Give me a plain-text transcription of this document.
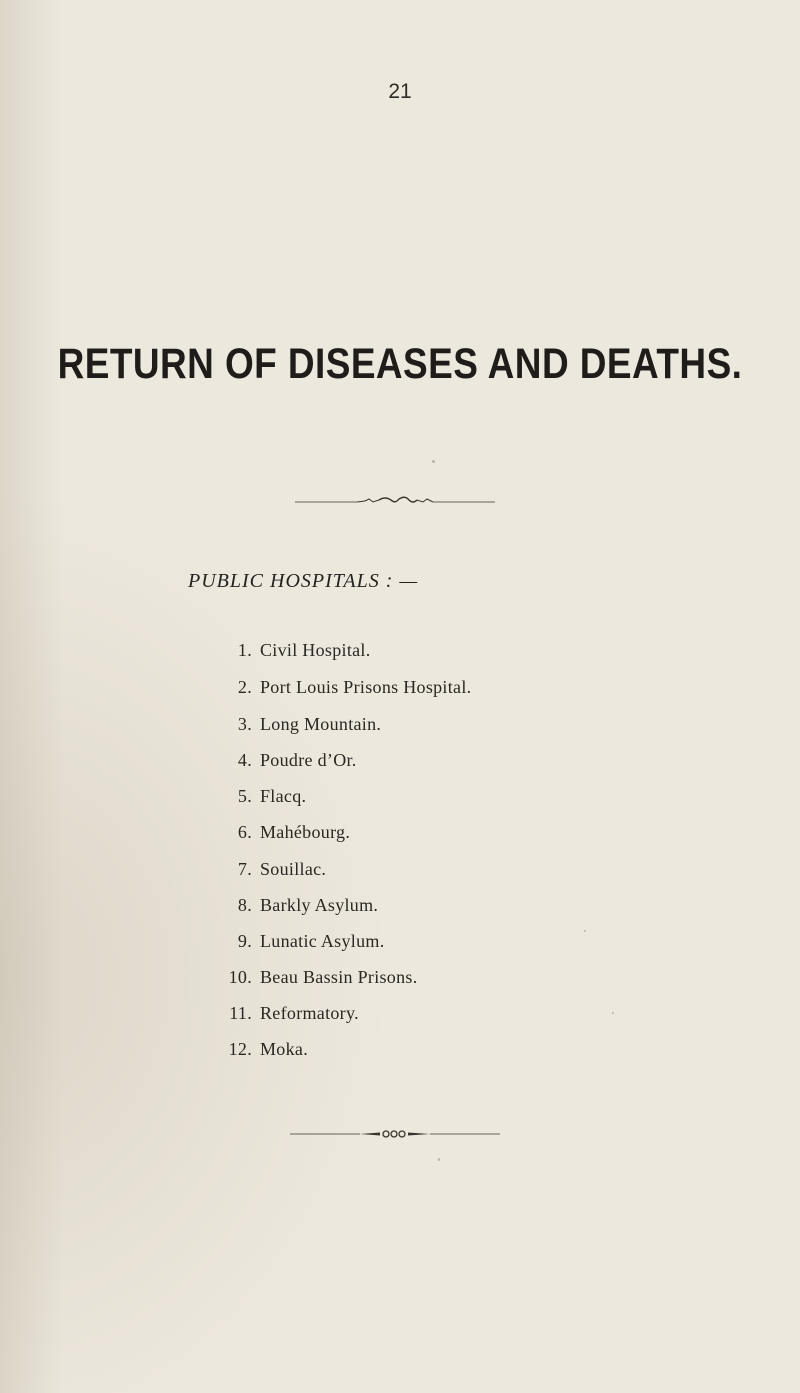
21
RETURN OF DISEASES AND DEATHS.
PUBLIC HOSPITALS : —
1. Civil Hospital.
2. Port Louis Prisons Hospital.
3. Long Mountain.
4. Poudre d’Or.
5. Flacq.
6. Mahébourg.
7. Souillac.
8. Barkly Asylum.
9. Lunatic Asylum.
10. Beau Bassin Prisons.
11. Reformatory.
12. Moka.
